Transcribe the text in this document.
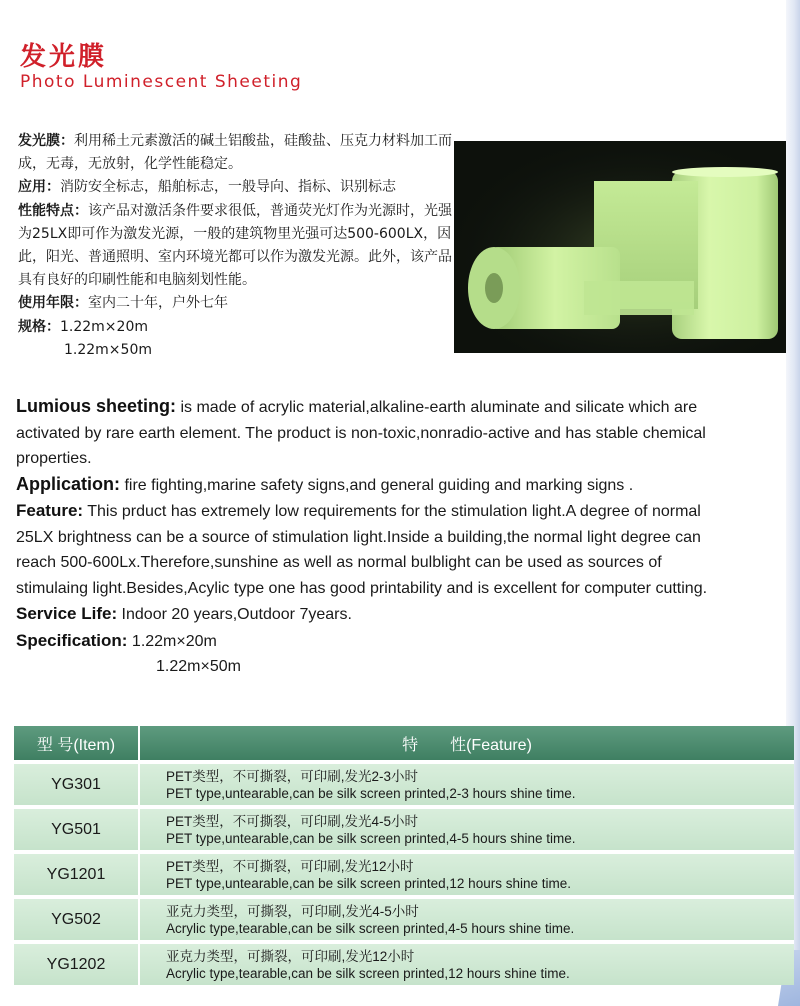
发光膜
Photo Luminescent Sheeting

发光膜：利用稀土元素激活的碱土铝酸盐，硅酸盐、压克力材料加工而成，无毒，无放射，化学性能稳定。

应用：消防安全标志，船舶标志，一般导向、指标、识别标志

性能特点：该产品对激活条件要求很低，普通荧光灯作为光源时，光强为25LX即可作为激发光源，一般的建筑物里光强可达500-600LX，因此，阳光、普通照明、室内环境光都可以作为激发光源。此外，该产品具有良好的印刷性能和电脑刻划性能。

使用年限：室内二十年，户外七年

规格：1.22m×20m

1.22m×50m

Lumious sheeting: is made of acrylic material,alkaline-earth aluminate and silicate which are activated by rare earth element. The product is non-toxic,nonradio-active and has stable chemical properties.

Application: fire fighting,marine safety signs,and general guiding and marking signs .

Feature: This prduct has extremely low requirements for the stimulation light.A degree of normal 25LX brightness can be a source of stimulation light.Inside a building,the normal light degree can reach 500-600Lx.Therefore,sunshine as well as normal bulblight can be used as sources of stimulaing light.Besides,Acylic type one has good printability and is excellent for computer cutting.

Service Life: Indoor 20 years,Outdoor 7years.

Specification: 1.22m×20m

1.22m×50m

型 号(Item)	特　　性(Feature)
YG301	PET类型，不可撕裂，可印刷,发光2-3小时
PET type,untearable,can be silk screen printed,2-3 hours shine time.

YG501	PET类型，不可撕裂，可印刷,发光4-5小时
PET type,untearable,can be silk screen printed,4-5 hours shine time.

YG1201	PET类型，不可撕裂，可印刷,发光12小时
PET type,untearable,can be silk screen printed,12 hours shine time.

YG502	亚克力类型，可撕裂，可印刷,发光4-5小时
Acrylic type,tearable,can be silk screen printed,4-5 hours shine time.

YG1202	亚克力类型，可撕裂，可印刷,发光12小时
Acrylic type,tearable,can be silk screen printed,12 hours shine time.
